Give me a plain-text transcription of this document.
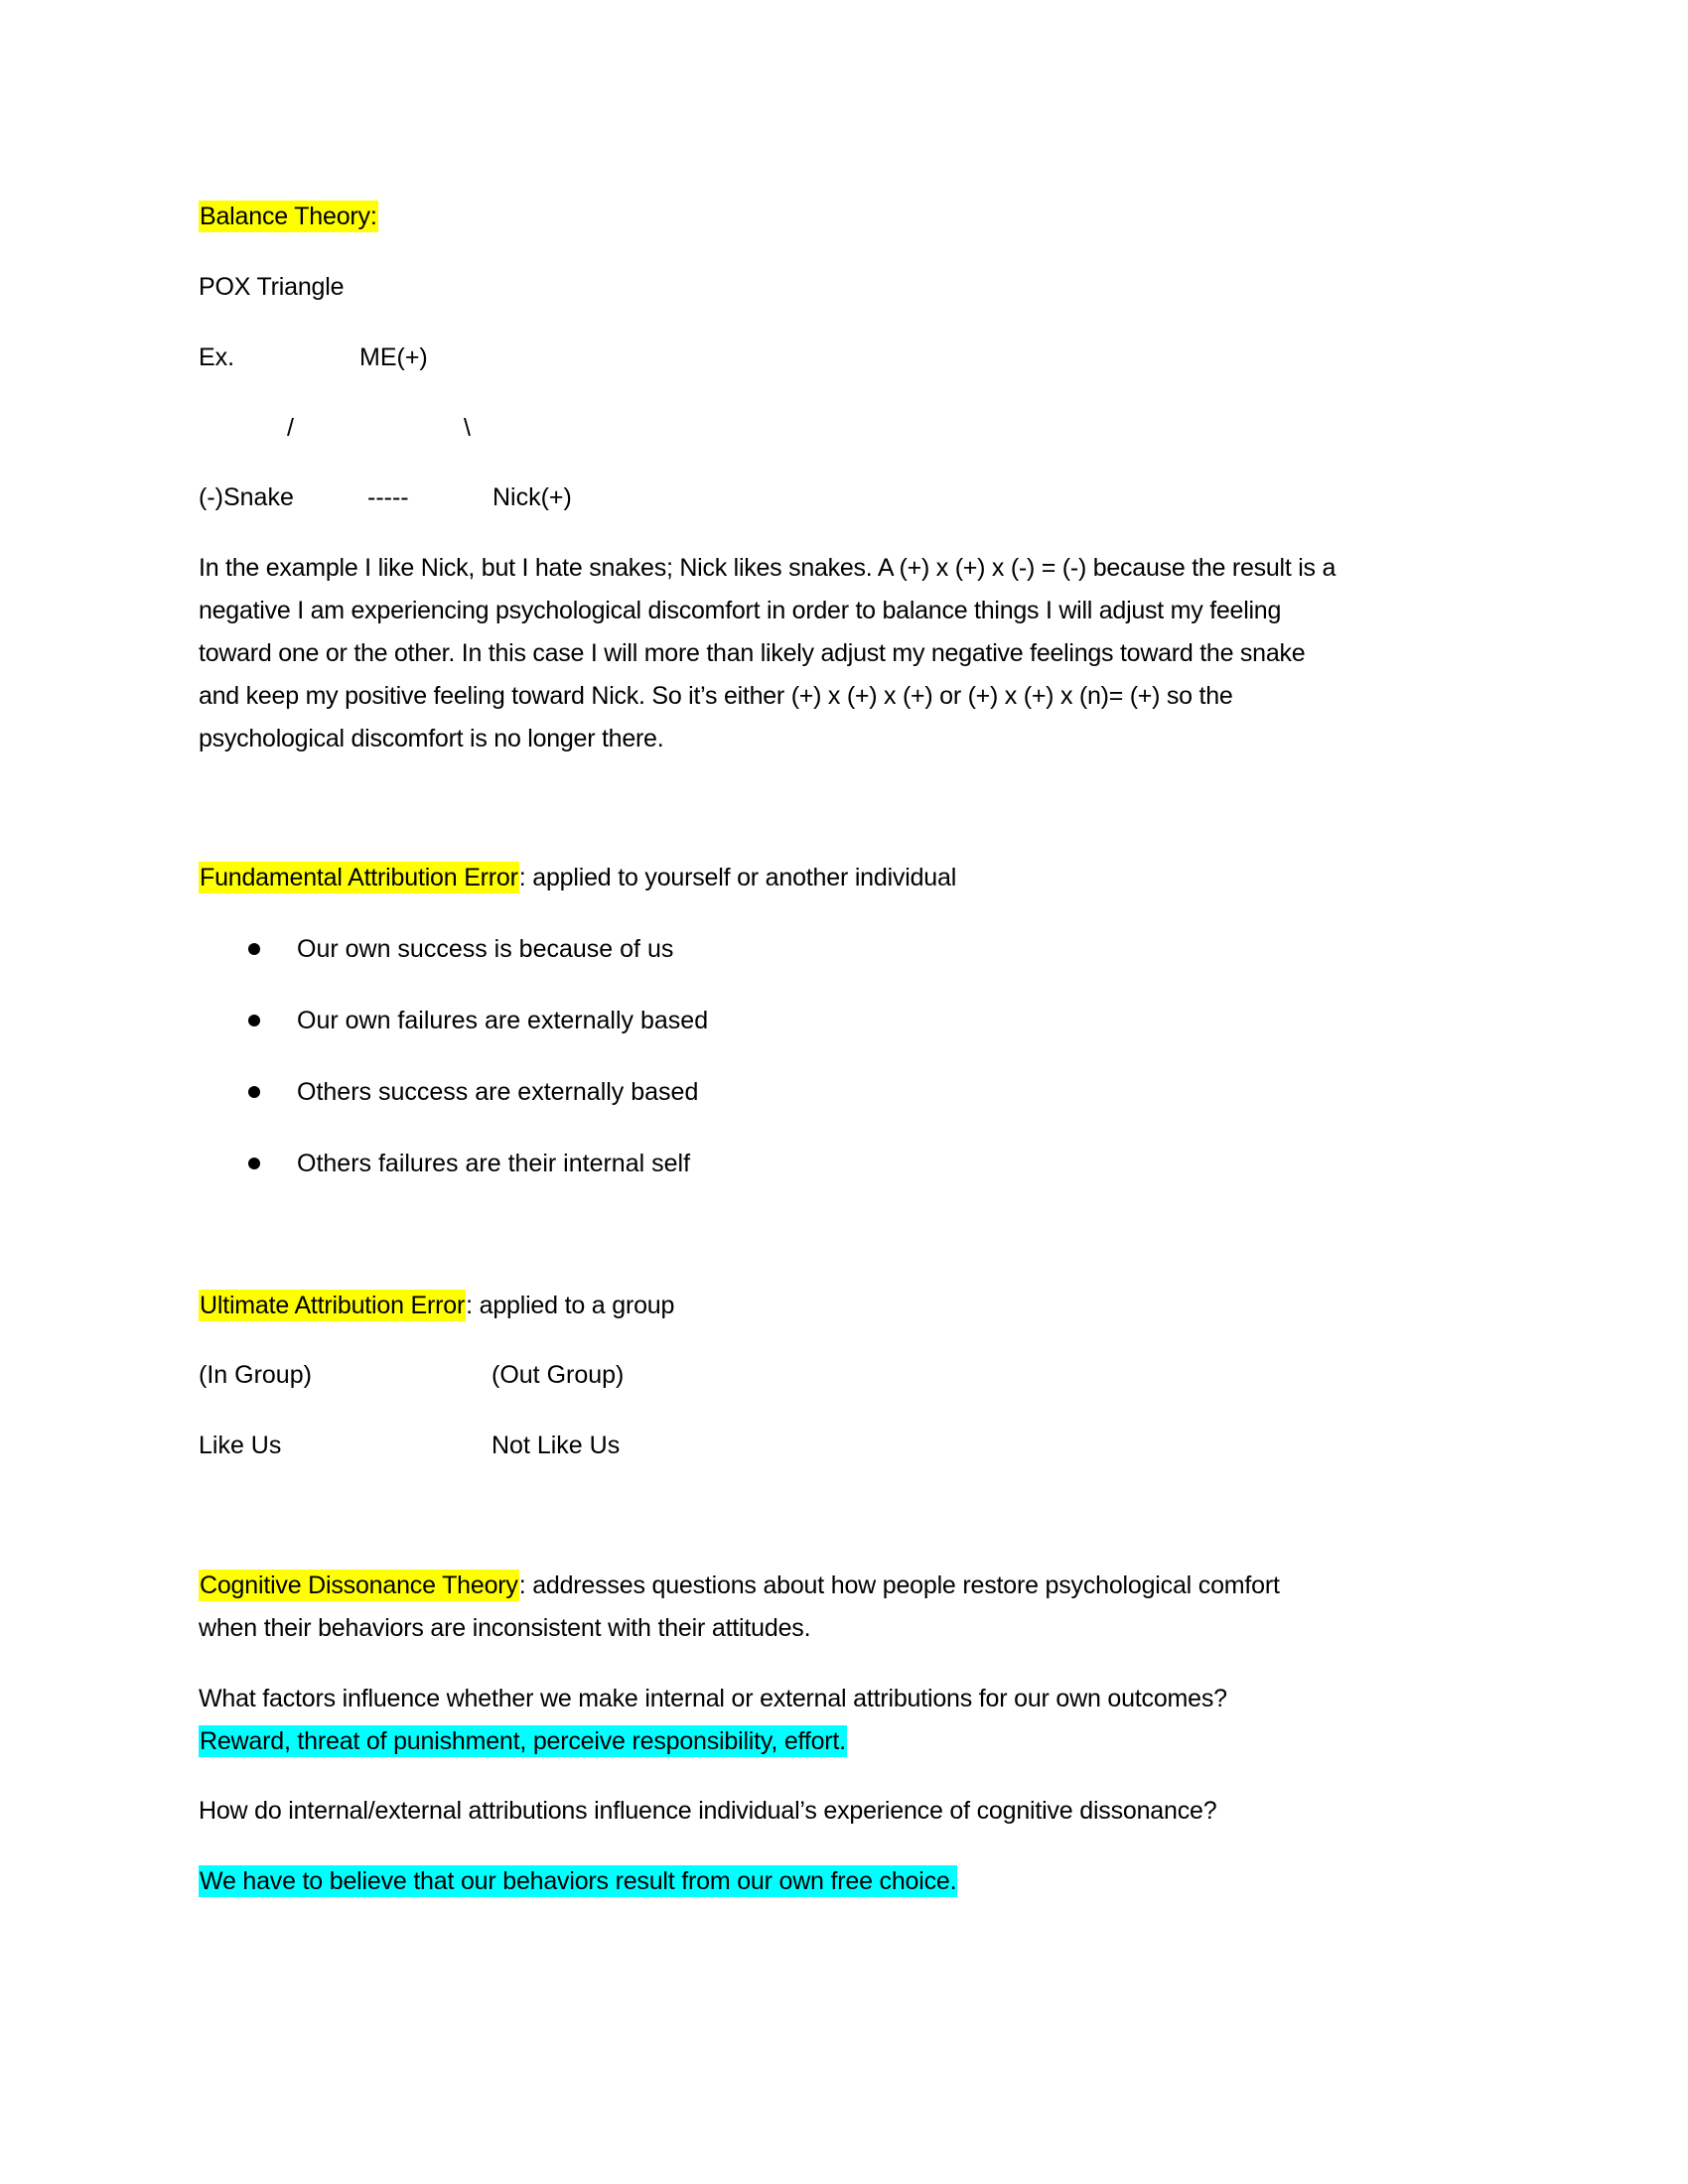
Balance Theory:
POX Triangle
Ex.	ME(+)
/	\
(-)Snake	-----	Nick(+)
In the example I like Nick, but I hate snakes; Nick likes snakes. A (+) x (+) x (-) = (-) because the result is a
negative I am experiencing psychological discomfort in order to balance things I will adjust my feeling
toward one or the other. In this case I will more than likely adjust my negative feelings toward the snake
and keep my positive feeling toward Nick. So it’s either (+) x (+) x (+) or (+) x (+) x (n)= (+) so the
psychological discomfort is no longer there.
Fundamental Attribution Error: applied to yourself or another individual
Our own success is because of us
Our own failures are externally based
Others success are externally based
Others failures are their internal self
Ultimate Attribution Error: applied to a group
(In Group)	(Out Group)
Like Us	Not Like Us
Cognitive Dissonance Theory: addresses questions about how people restore psychological comfort
when their behaviors are inconsistent with their attitudes.
What factors influence whether we make internal or external attributions for our own outcomes?
Reward, threat of punishment, perceive responsibility, effort.
How do internal/external attributions influence individual’s experience of cognitive dissonance?
We have to believe that our behaviors result from our own free choice.
